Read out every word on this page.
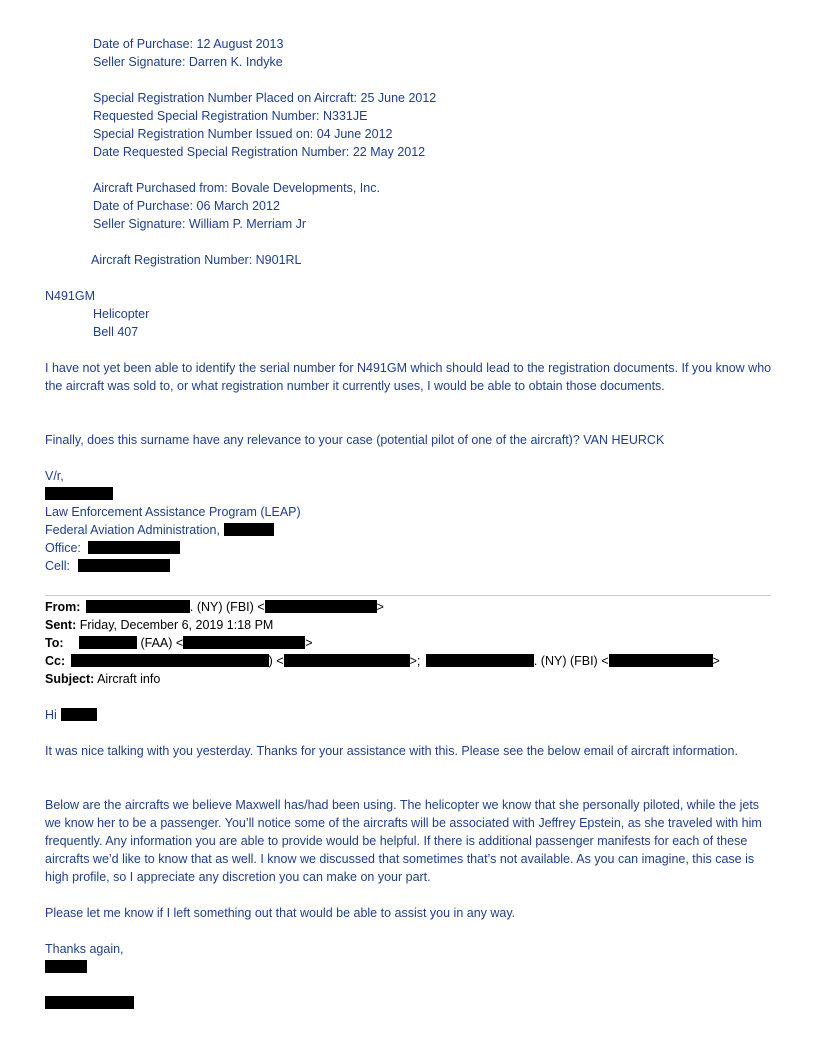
Date of Purchase: 12 August 2013
Seller Signature: Darren K. Indyke
Special Registration Number Placed on Aircraft: 25 June 2012
Requested Special Registration Number: N331JE
Special Registration Number Issued on: 04 June 2012
Date Requested Special Registration Number: 22 May 2012
Aircraft Purchased from: Bovale Developments, Inc.
Date of Purchase: 06 March 2012
Seller Signature: William P. Merriam Jr
Aircraft Registration Number: N901RL
N491GM
Helicopter
Bell 407
I have not yet been able to identify the serial number for N491GM which should lead to the registration documents. If you know who the aircraft was sold to, or what registration number it currently uses, I would be able to obtain those documents.
Finally, does this surname have any relevance to your case (potential pilot of one of the aircraft)? VAN HEURCK
V/r,
Law Enforcement Assistance Program (LEAP)
Federal Aviation Administration,
Office:
Cell:
From:	. (NY) (FBI) <	>
Sent: Friday, December 6, 2019 1:18 PM
To:	(FAA) <	>
Cc:	) <	>;	. (NY) (FBI) <	>
Subject: Aircraft info
Hi
It was nice talking with you yesterday. Thanks for your assistance with this. Please see the below email of aircraft information.
Below are the aircrafts we believe Maxwell has/had been using. The helicopter we know that she personally piloted, while the jets we know her to be a passenger. You’ll notice some of the aircrafts will be associated with Jeffrey Epstein, as she traveled with him frequently. Any information you are able to provide would be helpful. If there is additional passenger manifests for each of these aircrafts we’d like to know that as well. I know we discussed that sometimes that’s not available. As you can imagine, this case is high profile, so I appreciate any discretion you can make on your part.
Please let me know if I left something out that would be able to assist you in any way.
Thanks again,
